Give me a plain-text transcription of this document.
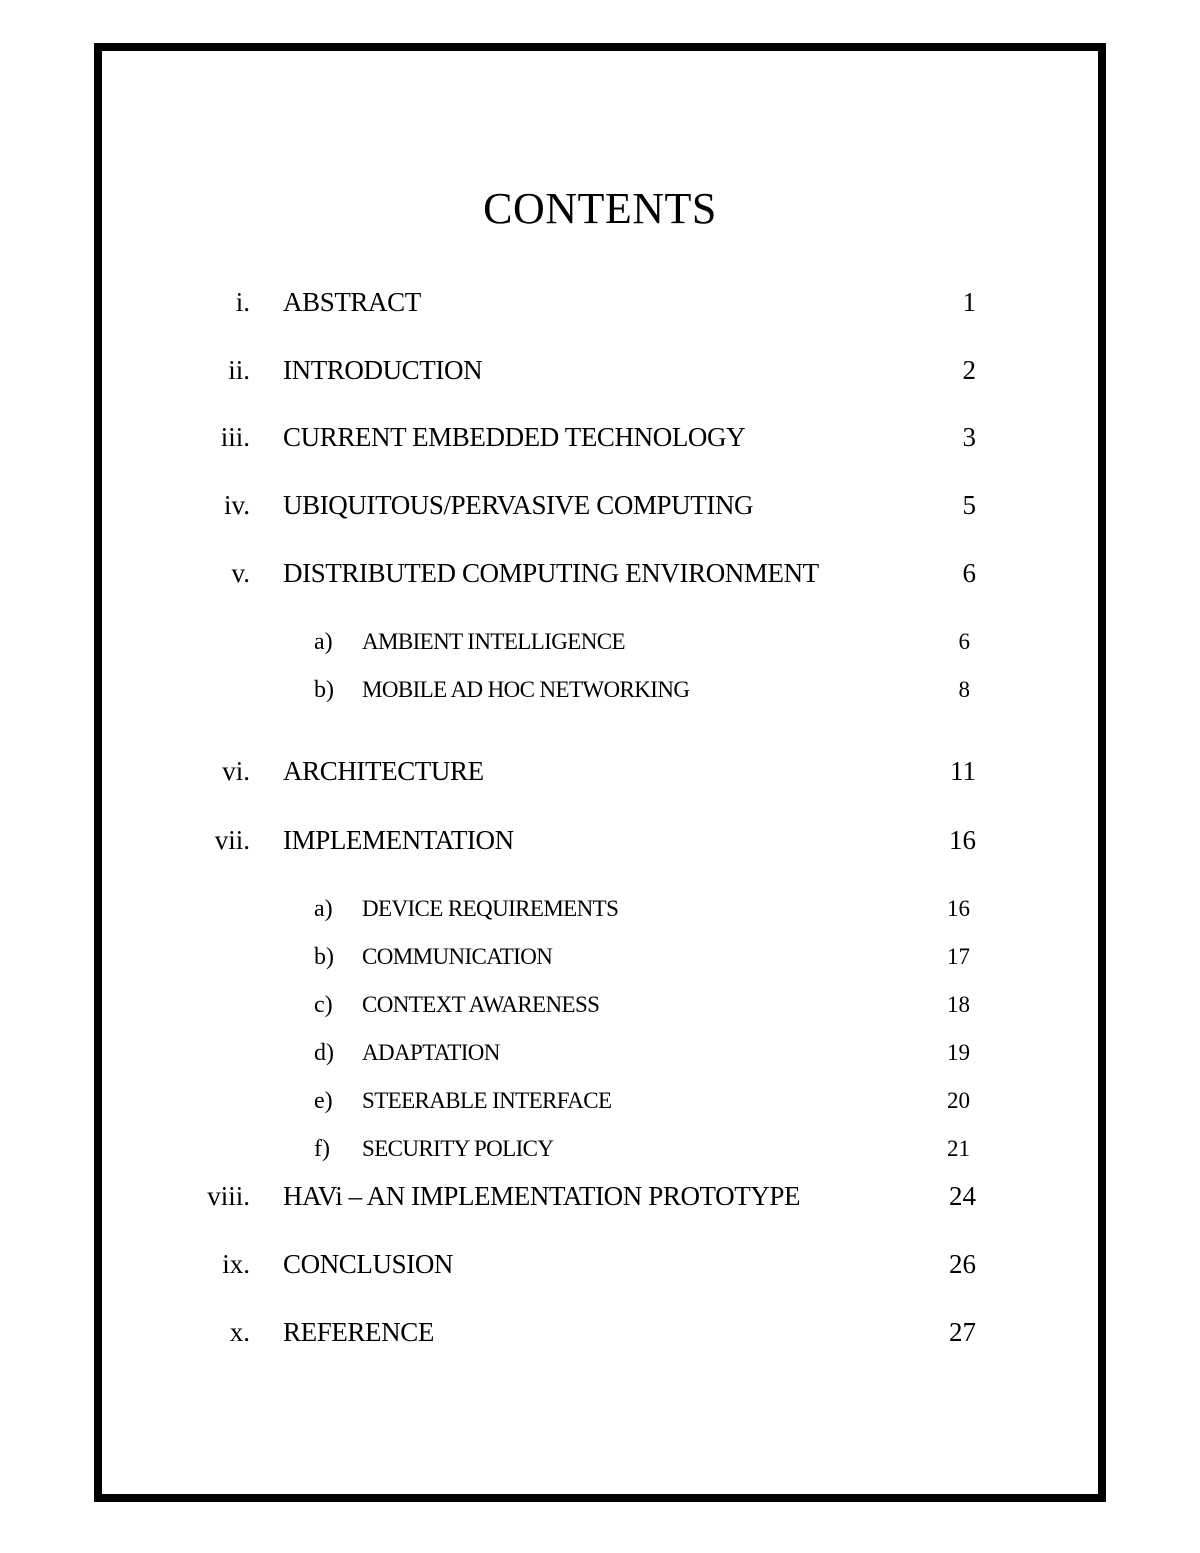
CONTENTS
i. ABSTRACT	1
ii. INTRODUCTION	2
iii. CURRENT EMBEDDED TECHNOLOGY	3
iv. UBIQUITOUS/PERVASIVE COMPUTING	5
v. DISTRIBUTED COMPUTING ENVIRONMENT	6
a)	AMBIENT INTELLIGENCE	6
b) MOBILE AD HOC NETWORKING	8
vi. ARCHITECTURE	11
vii. IMPLEMENTATION	16
a)	DEVICE REQUIREMENTS	16
b) COMMUNICATION	17
c)	CONTEXT AWARENESS	18
d) ADAPTATION	19
e)	STEERABLE INTERFACE	20
f)	SECURITY POLICY	21
viii. HAVi – AN IMPLEMENTATION PROTOTYPE	24
ix. CONCLUSION	26
x. REFERENCE	27
